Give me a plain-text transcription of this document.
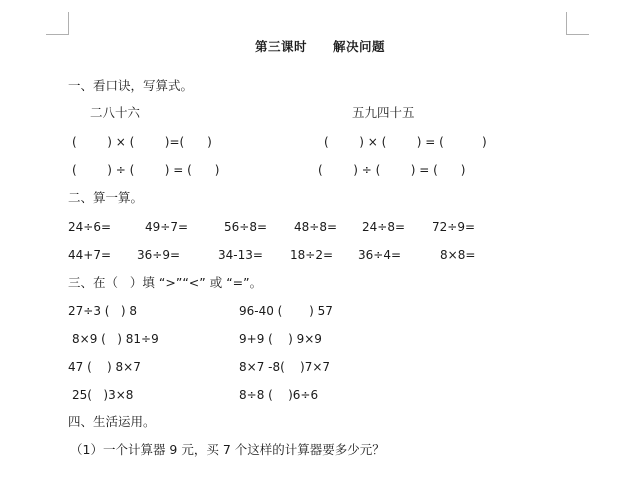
第三课时 解决问题
一、看口诀，写算式。
二八十六	五九四十五
(        ) × (        )=(      )	(        ) × (        ) = (          )
(        ) ÷ (        ) = (      )	(        ) ÷ (        ) = (      )
二、算一算。
24÷6=	49÷7=	56÷8= 48÷8= 24÷8= 72÷9=
44+7= 36÷9=	34-13= 18÷2= 36÷4=	8×8=
三、在（   ）填 “>”“<” 或 “=”。
27÷3 (   ) 8	96-40 (       ) 57
8×9 (   ) 81÷9	9+9 (    ) 9×9
47 (    ) 8×7	8×7 -8(    )7×7
25(   )3×8	8÷8 (    )6÷6
四、生活运用。
（1）一个计算器 9 元，买 7 个这样的计算器要多少元？
